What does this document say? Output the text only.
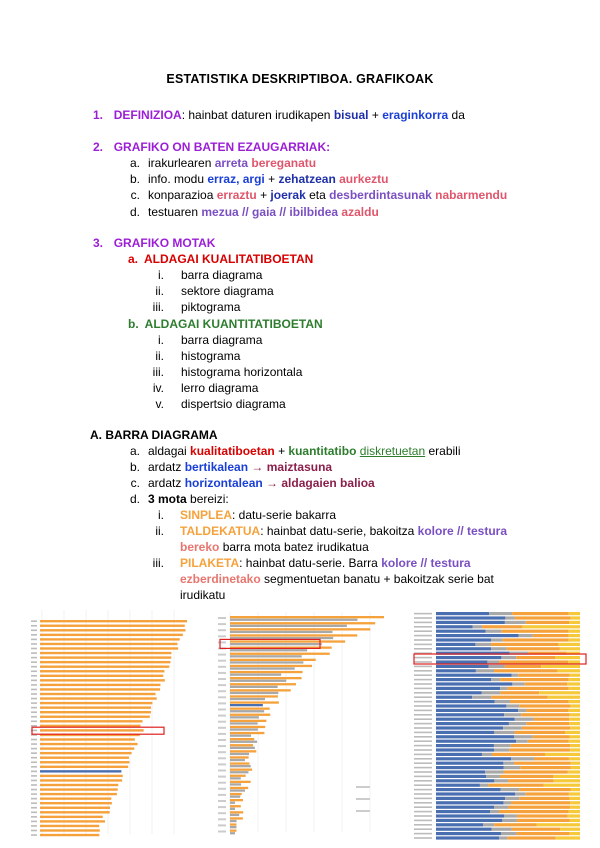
ESTATISTIKA DESKRIPTIBOA. GRAFIKOAK
1. DEFINIZIOA: hainbat daturen irudikapen bisual + eraginkorra da
2. GRAFIKO ON BATEN EZAUGARRIAK:
a. irakurlearen arreta bereganatu
b. info. modu erraz, argi + zehatzean aurkeztu
c. konparazioa erraztu + joerak eta desberdintasunak nabarmendu
d. testuaren mezua // gaia // ibilbidea azaldu
3. GRAFIKO MOTAK
a. ALDAGAI KUALITATIBOETAN
i. barra diagrama
ii. sektore diagrama
iii. piktograma
b. ALDAGAI KUANTITATIBOETAN
i. barra diagrama
ii. histograma
iii. histograma horizontala
iv. lerro diagrama
v. dispertsio diagrama
A. BARRA DIAGRAMA
a. aldagai kualitatiboetan + kuantitatibo diskretuetan erabili
b. ardatz bertikalean → maiztasuna
c. ardatz horizontalean → aldagaien balioa
d. 3 mota bereizi:
i. SINPLEA: datu-serie bakarra
ii. TALDEKATUA: hainbat datu-serie, bakoitza kolore // testura
bereko barra mota batez irudikatua
iii. PILAKETA: hainbat datu-serie. Barra kolore // testura
ezberdinetako segmentuetan banatu + bakoitzak serie bat
irudikatu
